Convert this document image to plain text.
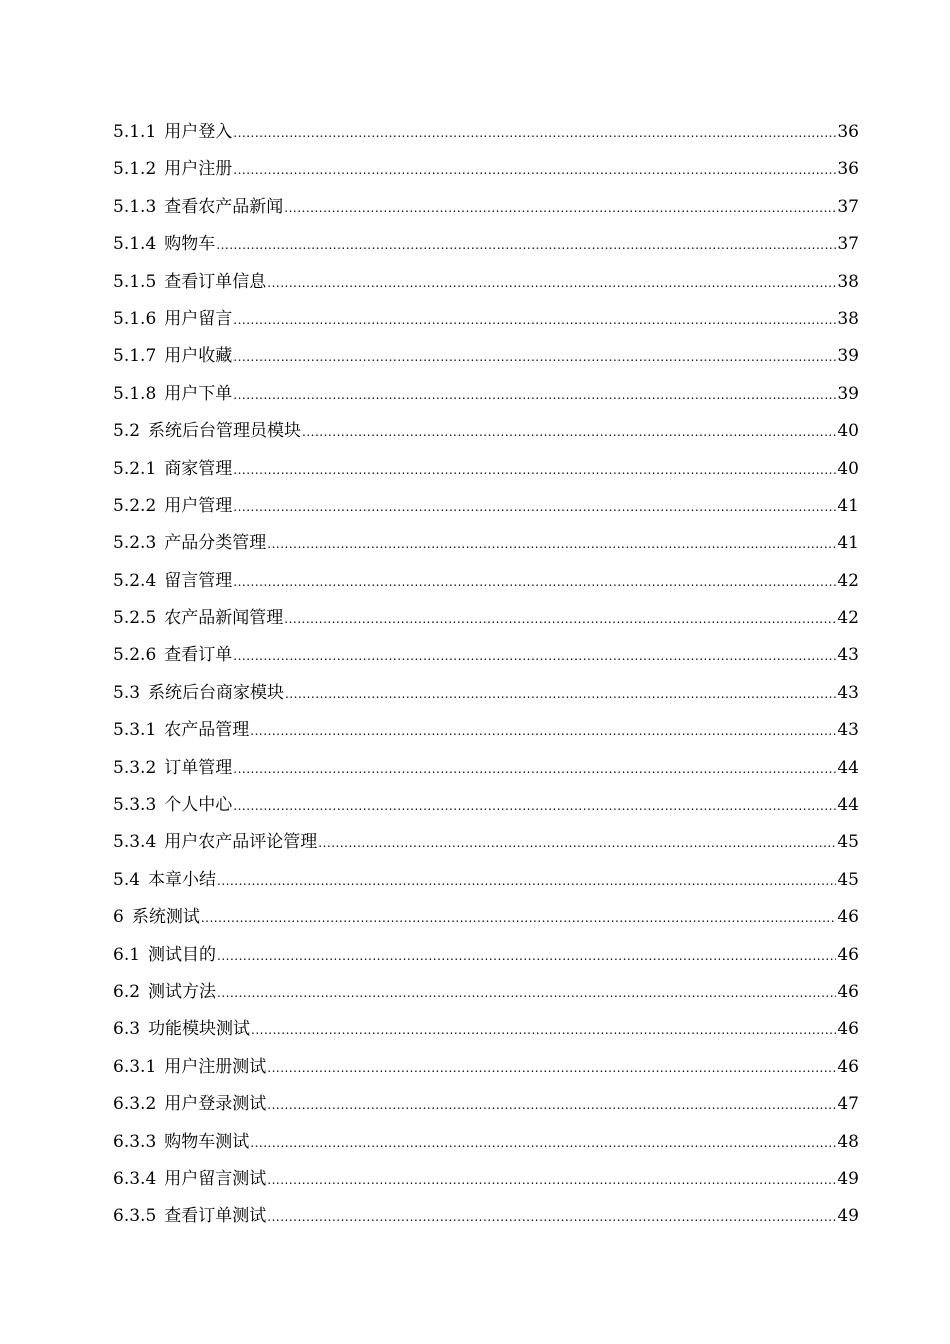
5.1.1 用户登入 .....	36
5.1.2 用户注册 .....	36
5.1.3 查看农产品新闻 .....	37
5.1.4 购物车 .....	37
5.1.5 查看订单信息 .....	38
5.1.6 用户留言 .....	38
5.1.7 用户收藏 .....	39
5.1.8 用户下单 .....	39
5.2 系统后台管理员模块 .....	40
5.2.1 商家管理 .....	40
5.2.2 用户管理 .....	41
5.2.3 产品分类管理 .....	41
5.2.4 留言管理 .....	42
5.2.5 农产品新闻管理 .....	42
5.2.6 查看订单 .....	43
5.3 系统后台商家模块 .....	43
5.3.1 农产品管理 .....	43
5.3.2 订单管理 .....	44
5.3.3 个人中心 .....	44
5.3.4 用户农产品评论管理 .....	45
5.4 本章小结 .....	45
6 系统测试 .....	46
6.1 测试目的 .....	46
6.2 测试方法 .....	46
6.3 功能模块测试 .....	46
6.3.1 用户注册测试 .....	46
6.3.2 用户登录测试 .....	47
6.3.3 购物车测试 .....	48
6.3.4 用户留言测试 .....	49
6.3.5 查看订单测试 .....	49
